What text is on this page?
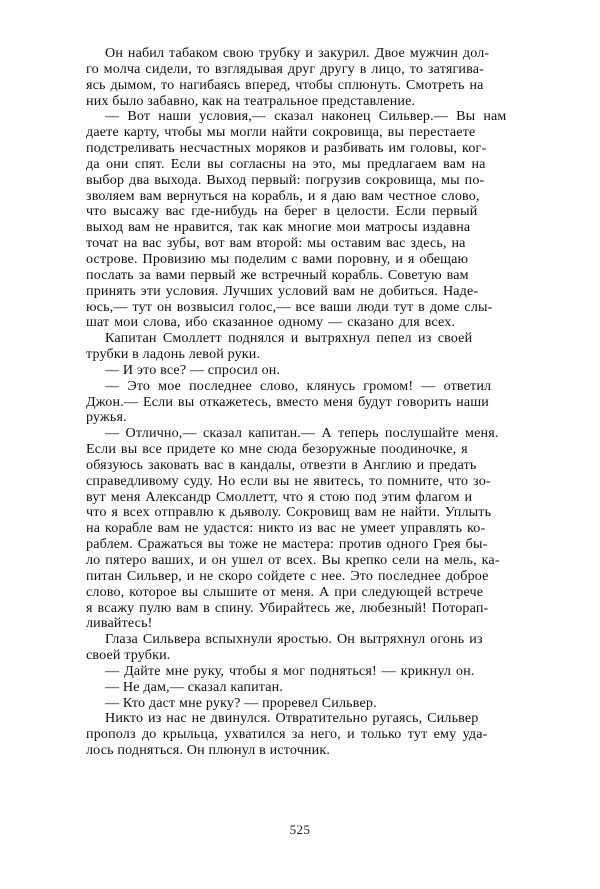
Он набил табаком свою трубку и закурил. Двое мужчин дол-
го молча сидели, то взглядывая друг другу в лицо, то затягива-
ясь дымом, то нагибаясь вперед, чтобы сплюнуть. Смотреть на
них было забавно, как на театральное представление.
— Вот наши условия,— сказал наконец Сильвер.— Вы нам
даете карту, чтобы мы могли найти сокровища, вы перестаете
подстреливать несчастных моряков и разбивать им головы, ког-
да они спят. Если вы согласны на это, мы предлагаем вам на
выбор два выхода. Выход первый: погрузив сокровища, мы по-
зволяем вам вернуться на корабль, и я даю вам честное слово,
что высажу вас где-нибудь на берег в целости. Если первый
выход вам не нравится, так как многие мои матросы издавна
точат на вас зубы, вот вам второй: мы оставим вас здесь, на
острове. Провизию мы поделим с вами поровну, и я обещаю
послать за вами первый же встречный корабль. Советую вам
принять эти условия. Лучших условий вам не добиться. Наде-
юсь,— тут он возвысил голос,— все ваши люди тут в доме слы-
шат мои слова, ибо сказанное одному — сказано для всех.
Капитан Смоллетт поднялся и вытряхнул пепел из своей
трубки в ладонь левой руки.
— И это все? — спросил он.
— Это мое последнее слово, клянусь громом! — ответил
Джон.— Если вы откажетесь, вместо меня будут говорить наши
ружья.
— Отлично,— сказал капитан.— А теперь послушайте меня.
Если вы все придете ко мне сюда безоружные поодиночке, я
обязуюсь заковать вас в кандалы, отвезти в Англию и предать
справедливому суду. Но если вы не явитесь, то помните, что зо-
вут меня Александр Смоллетт, что я стою под этим флагом и
что я всех отправлю к дьяволу. Сокровищ вам не найти. Уплыть
на корабле вам не удастся: никто из вас не умеет управлять ко-
раблем. Сражаться вы тоже не мастера: против одного Грея бы-
ло пятеро ваших, и он ушел от всех. Вы крепко сели на мель, ка-
питан Сильвер, и не скоро сойдете с нее. Это последнее доброе
слово, которое вы слышите от меня. А при следующей встрече
я всажу пулю вам в спину. Убирайтесь же, любезный! Поторап-
ливайтесь!
Глаза Сильвера вспыхнули яростью. Он вытряхнул огонь из
своей трубки.
— Дайте мне руку, чтобы я мог подняться! — крикнул он.
— Не дам,— сказал капитан.
— Кто даст мне руку? — проревел Сильвер.
Никто из нас не двинулся. Отвратительно ругаясь, Сильвер
прополз до крыльца, ухватился за него, и только тут ему уда-
лось подняться. Он плюнул в источник.
525
